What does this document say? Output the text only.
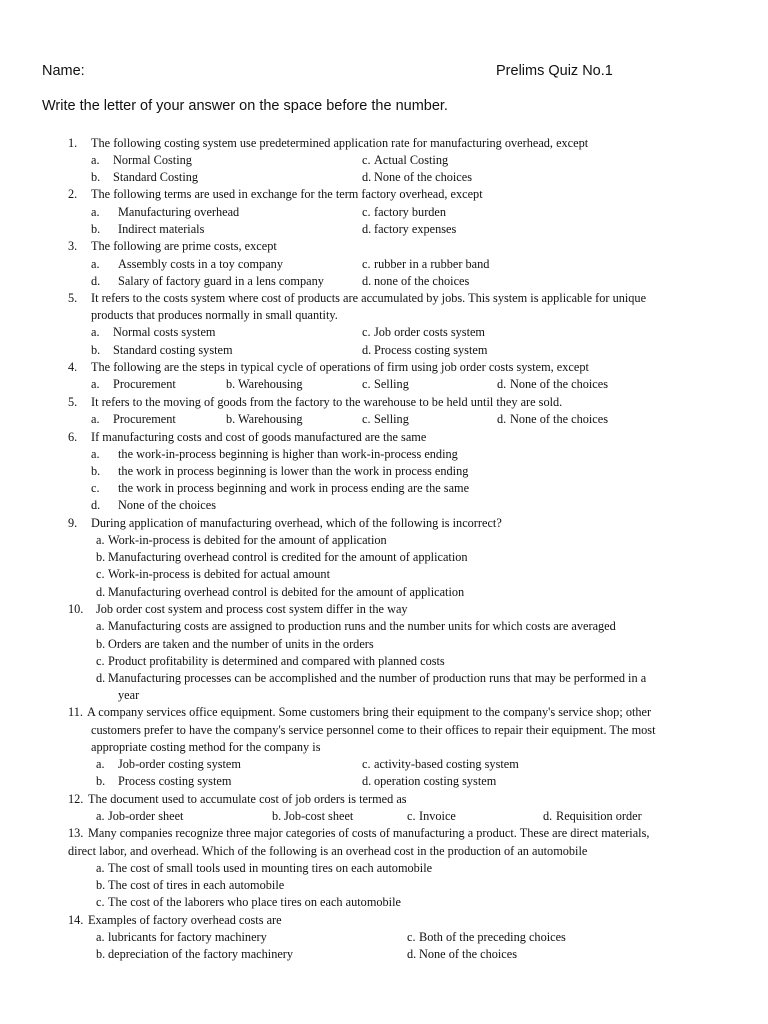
Name:	Prelims Quiz No.1
Write the letter of your answer on the space before the number.
1. The following costing system use predetermined application rate for manufacturing overhead, except
a. Normal Costing	c. Actual Costing
b. Standard Costing	d. None of the choices
2. The following terms are used in exchange for the term factory overhead, except
a. Manufacturing overhead	c. factory burden
b. Indirect materials	d. factory expenses
3. The following are prime costs, except
a. Assembly costs in a toy company	c. rubber in a rubber band
d. Salary of factory guard in a lens company	d. none of the choices
5. It refers to the costs system where cost of products are accumulated by jobs. This system is applicable for unique
products that produces normally in small quantity.
a. Normal costs system	c. Job order costs system
b. Standard costing system	d. Process costing system
4. The following are the steps in typical cycle of operations of firm using job order costs system, except
a. Procurement	b. Warehousing	c. Selling	d. None of the choices
5. It refers to the moving of goods from the factory to the warehouse to be held until they are sold.
a. Procurement	b. Warehousing	c. Selling	d. None of the choices
6. If manufacturing costs and cost of goods manufactured are the same
a. the work-in-process beginning is higher than work-in-process ending
b. the work in process beginning is lower than the work in process ending
c. the work in process beginning and work in process ending are the same
d. None of the choices
9. During application of manufacturing overhead, which of the following is incorrect?
a. Work-in-process is debited for the amount of application
b. Manufacturing overhead control is credited for the amount of application
c. Work-in-process is debited for actual amount
d. Manufacturing overhead control is debited for the amount of application
10. Job order cost system and process cost system differ in the way
a. Manufacturing costs are assigned to production runs and the number units for which costs are averaged
b. Orders are taken and the number of units in the orders
c. Product profitability is determined and compared with planned costs
d. Manufacturing processes can be accomplished and the number of production runs that may be performed in a
year
11. A company services office equipment. Some customers bring their equipment to the company's service shop; other
customers prefer to have the company's service personnel come to their offices to repair their equipment. The most
appropriate costing method for the company is
a. Job-order costing system	c. activity-based costing system
b. Process costing system	d. operation costing system
12. The document used to accumulate cost of job orders is termed as
a. Job-order sheet	b. Job-cost sheet	c. Invoice	d. Requisition order
13. Many companies recognize three major categories of costs of manufacturing a product. These are direct materials,
direct labor, and overhead. Which of the following is an overhead cost in the production of an automobile
a. The cost of small tools used in mounting tires on each automobile
b. The cost of tires in each automobile
c. The cost of the laborers who place tires on each automobile
14. Examples of factory overhead costs are
a. lubricants for factory machinery	c. Both of the preceding choices
b. depreciation of the factory machinery	d. None of the choices
